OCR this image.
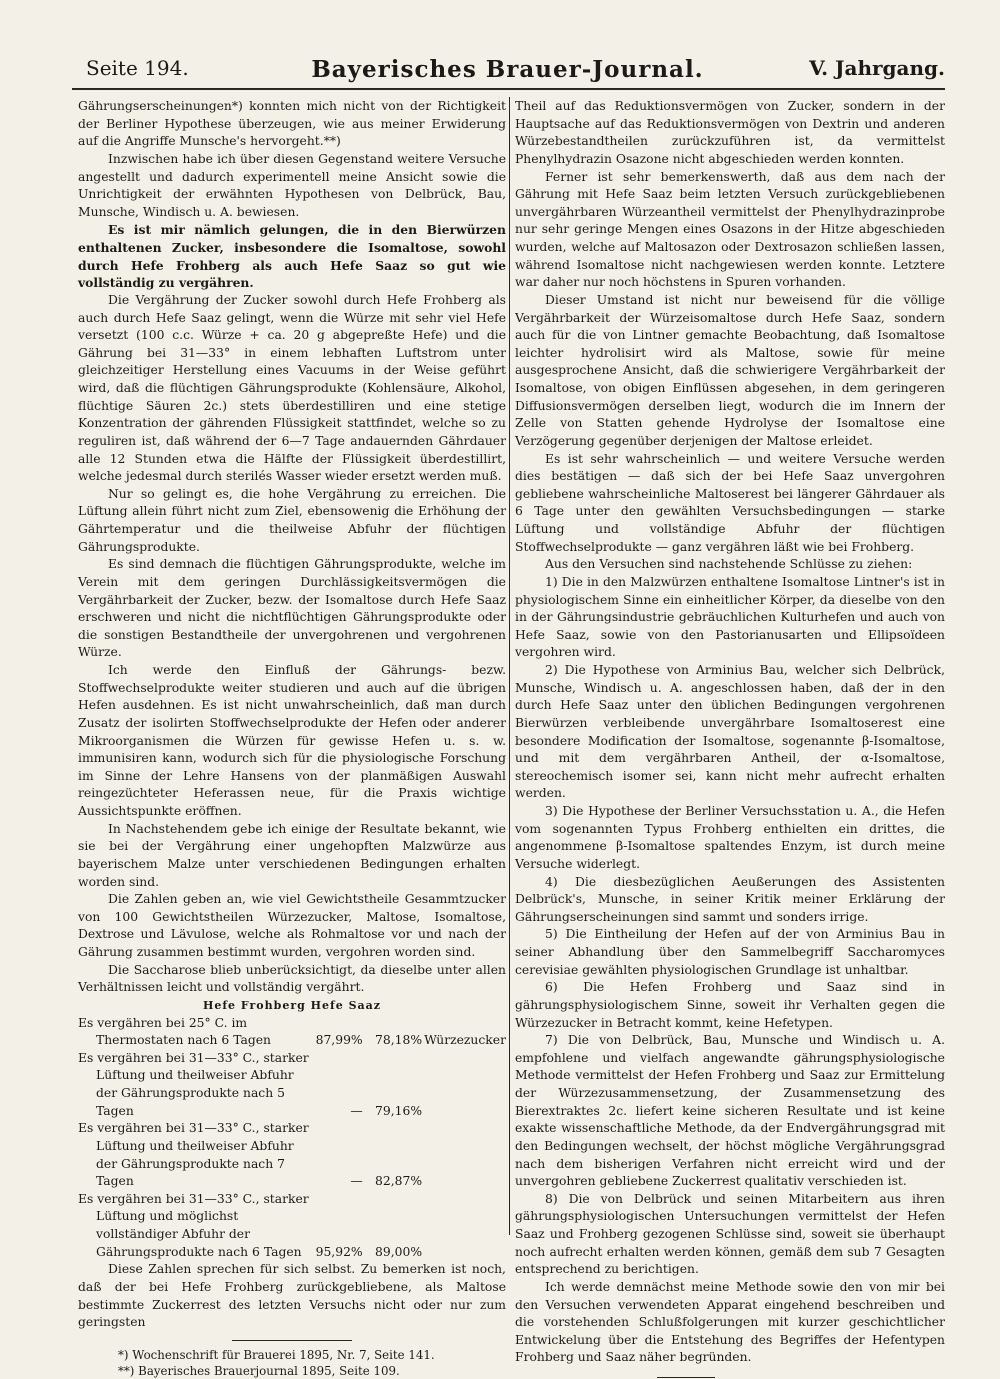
Seite 194.	Bayerisches Brauer-Journal.	V. Jahrgang.

Gährungserscheinungen*) konnten mich nicht von der Richtigkeit der Berliner Hypothese überzeugen, wie aus meiner Erwiderung auf die Angriffe Munsche's hervorgeht.**)

Inzwischen habe ich über diesen Gegenstand weitere Versuche angestellt und dadurch experimentell meine Ansicht sowie die Unrichtigkeit der erwähnten Hypothesen von Delbrück, Bau, Munsche, Windisch u. A. bewiesen.

Es ist mir nämlich gelungen, die in den Bierwürzen enthaltenen Zucker, insbesondere die Isomaltose, sowohl durch Hefe Frohberg als auch Hefe Saaz so gut wie vollständig zu vergähren.

Die Vergährung der Zucker sowohl durch Hefe Frohberg als auch durch Hefe Saaz gelingt, wenn die Würze mit sehr viel Hefe versetzt (100 c.c. Würze + ca. 20 g abgepreßte Hefe) und die Gährung bei 31—33° in einem lebhaften Luftstrom unter gleichzeitiger Herstellung eines Vacuums in der Weise geführt wird, daß die flüchtigen Gährungsprodukte (Kohlensäure, Alkohol, flüchtige Säuren 2c.) stets überdestilliren und eine stetige Konzentration der gährenden Flüssigkeit stattfindet, welche so zu reguliren ist, daß während der 6—7 Tage andauernden Gährdauer alle 12 Stunden etwa die Hälfte der Flüssigkeit überdestillirt, welche jedesmal durch sterilés Wasser wieder ersetzt werden muß.

Nur so gelingt es, die hohe Vergährung zu erreichen. Die Lüftung allein führt nicht zum Ziel, ebensowenig die Erhöhung der Gährtemperatur und die theilweise Abfuhr der flüchtigen Gährungsprodukte.

Es sind demnach die flüchtigen Gährungsprodukte, welche im Verein mit dem geringen Durchlässigkeitsvermögen die Vergährbarkeit der Zucker, bezw. der Isomaltose durch Hefe Saaz erschweren und nicht die nichtflüchtigen Gährungsprodukte oder die sonstigen Bestandtheile der unvergohrenen und vergohrenen Würze.

Ich werde den Einfluß der Gährungs- bezw. Stoffwechselprodukte weiter studieren und auch auf die übrigen Hefen ausdehnen. Es ist nicht unwahrscheinlich, daß man durch Zusatz der isolirten Stoffwechselprodukte der Hefen oder anderer Mikroorganismen die Würzen für gewisse Hefen u. s. w. immunisiren kann, wodurch sich für die physiologische Forschung im Sinne der Lehre Hansens von der planmäßigen Auswahl reingezüchteter Heferassen neue, für die Praxis wichtige Aussichtspunkte eröffnen.

In Nachstehendem gebe ich einige der Resultate bekannt, wie sie bei der Vergährung einer ungehopften Malzwürze aus bayerischem Malze unter verschiedenen Bedingungen erhalten worden sind.

Die Zahlen geben an, wie viel Gewichtstheile Gesammtzucker von 100 Gewichtstheilen Würzezucker, Maltose, Isomaltose, Dextrose und Lävulose, welche als Rohmaltose vor und nach der Gährung zusammen bestimmt wurden, vergohren worden sind.

Die Saccharose blieb unberücksichtigt, da dieselbe unter allen Verhältnissen leicht und vollständig vergährt.

Hefe Frohberg Hefe Saaz			
Es vergähren bei 25° C. im Thermostaten nach 6 Tagen	87,99%	78,18%	Würzezucker
Es vergähren bei 31—33° C., starker Lüftung und theilweiser Abfuhr der Gährungsprodukte nach 5 Tagen	—	79,16%	
Es vergähren bei 31—33° C., starker Lüftung und theilweiser Abfuhr der Gährungsprodukte nach 7 Tagen	—	82,87%	
Es vergähren bei 31—33° C., starker Lüftung und möglichst vollständiger Abfuhr der Gährungsprodukte nach 6 Tagen	95,92%	89,00%	

Diese Zahlen sprechen für sich selbst. Zu bemerken ist noch, daß der bei Hefe Frohberg zurückgebliebene, als Maltose bestimmte Zuckerrest des letzten Versuchs nicht oder nur zum geringsten

*) Wochenschrift für Brauerei 1895, Nr. 7, Seite 141.

**) Bayerisches Brauerjournal 1895, Seite 109.

Theil auf das Reduktionsvermögen von Zucker, sondern in der Hauptsache auf das Reduktionsvermögen von Dextrin und anderen Würzebestandtheilen zurückzuführen ist, da vermittelst Phenylhydrazin Osazone nicht abgeschieden werden konnten.

Ferner ist sehr bemerkenswerth, daß aus dem nach der Gährung mit Hefe Saaz beim letzten Versuch zurückgebliebenen unvergährbaren Würzeantheil vermittelst der Phenylhydrazinprobe nur sehr geringe Mengen eines Osazons in der Hitze abgeschieden wurden, welche auf Maltosazon oder Dextrosazon schließen lassen, während Isomaltose nicht nachgewiesen werden konnte. Letztere war daher nur noch höchstens in Spuren vorhanden.

Dieser Umstand ist nicht nur beweisend für die völlige Vergährbarkeit der Würzeisomaltose durch Hefe Saaz, sondern auch für die von Lintner gemachte Beobachtung, daß Isomaltose leichter hydrolisirt wird als Maltose, sowie für meine ausgesprochene Ansicht, daß die schwierigere Vergährbarkeit der Isomaltose, von obigen Einflüssen abgesehen, in dem geringeren Diffusionsvermögen derselben liegt, wodurch die im Innern der Zelle von Statten gehende Hydrolyse der Isomaltose eine Verzögerung gegenüber derjenigen der Maltose erleidet.

Es ist sehr wahrscheinlich — und weitere Versuche werden dies bestätigen — daß sich der bei Hefe Saaz unvergohren gebliebene wahrscheinliche Maltoserest bei längerer Gährdauer als 6 Tage unter den gewählten Versuchsbedingungen — starke Lüftung und vollständige Abfuhr der flüchtigen Stoffwechselprodukte — ganz vergähren läßt wie bei Frohberg.

Aus den Versuchen sind nachstehende Schlüsse zu ziehen:

1) Die in den Malzwürzen enthaltene Isomaltose Lintner's ist in physiologischem Sinne ein einheitlicher Körper, da dieselbe von den in der Gährungsindustrie gebräuchlichen Kulturhefen und auch von Hefe Saaz, sowie von den Pastorianusarten und Ellipsoïdeen vergohren wird.

2) Die Hypothese von Arminius Bau, welcher sich Delbrück, Munsche, Windisch u. A. angeschlossen haben, daß der in den durch Hefe Saaz unter den üblichen Bedingungen vergohrenen Bierwürzen verbleibende unvergährbare Isomaltoserest eine besondere Modification der Isomaltose, sogenannte β-Isomaltose, und mit dem vergährbaren Antheil, der α-Isomaltose, stereochemisch isomer sei, kann nicht mehr aufrecht erhalten werden.

3) Die Hypothese der Berliner Versuchsstation u. A., die Hefen vom sogenannten Typus Frohberg enthielten ein drittes, die angenommene β-Isomaltose spaltendes Enzym, ist durch meine Versuche widerlegt.

4) Die diesbezüglichen Aeußerungen des Assistenten Delbrück's, Munsche, in seiner Kritik meiner Erklärung der Gährungserscheinungen sind sammt und sonders irrige.

5) Die Eintheilung der Hefen auf der von Arminius Bau in seiner Abhandlung über den Sammelbegriff Saccharomyces cerevisiae gewählten physiologischen Grundlage ist unhaltbar.

6) Die Hefen Frohberg und Saaz sind in gährungsphysiologischem Sinne, soweit ihr Verhalten gegen die Würzezucker in Betracht kommt, keine Hefetypen.

7) Die von Delbrück, Bau, Munsche und Windisch u. A. empfohlene und vielfach angewandte gährungsphysiologische Methode vermittelst der Hefen Frohberg und Saaz zur Ermittelung der Würzezusammensetzung, der Zusammensetzung des Bierextraktes 2c. liefert keine sicheren Resultate und ist keine exakte wissenschaftliche Methode, da der Endvergährungsgrad mit den Bedingungen wechselt, der höchst mögliche Vergährungsgrad nach dem bisherigen Verfahren nicht erreicht wird und der unvergohren gebliebene Zuckerrest qualitativ verschieden ist.

8) Die von Delbrück und seinen Mitarbeitern aus ihren gährungsphysiologischen Untersuchungen vermittelst der Hefen Saaz und Frohberg gezogenen Schlüsse sind, soweit sie überhaupt noch aufrecht erhalten werden können, gemäß dem sub 7 Gesagten entsprechend zu berichtigen.

Ich werde demnächst meine Methode sowie den von mir bei den Versuchen verwendeten Apparat eingehend beschreiben und die vorstehenden Schlußfolgerungen mit kurzer geschichtlicher Entwickelung über die Entstehung des Begriffes der Hefentypen Frohberg und Saaz näher begründen.
